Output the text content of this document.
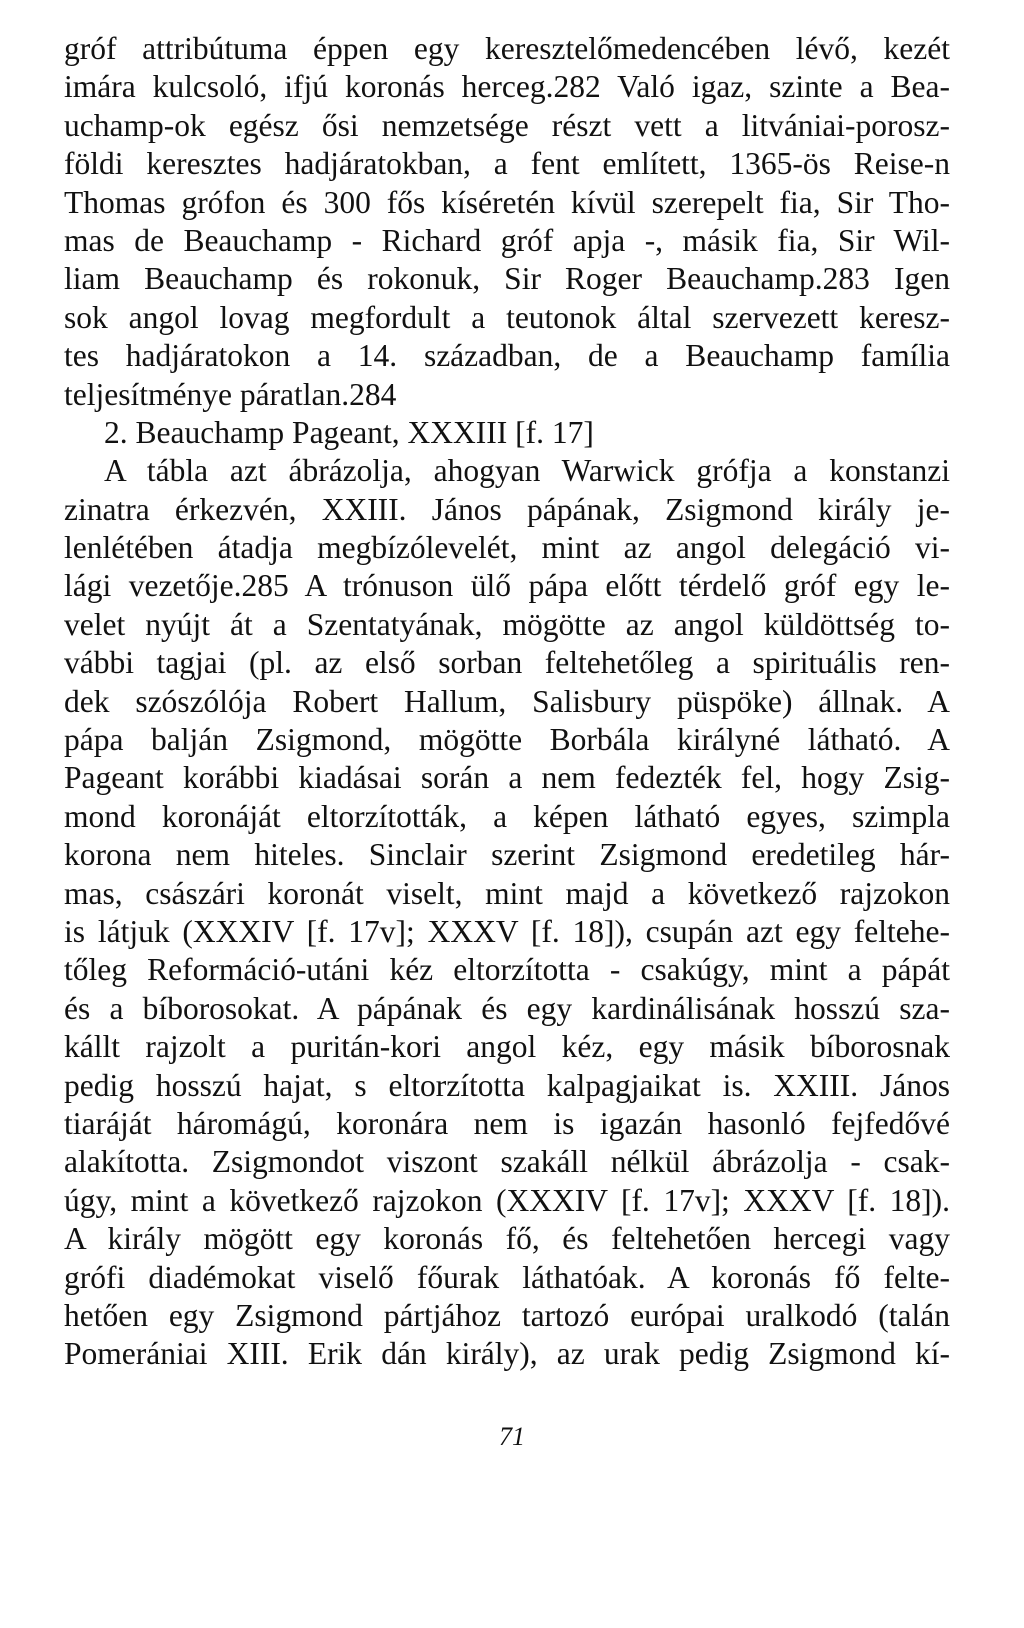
gróf attribútuma éppen egy keresztelőmedencében lévő, kezét
imára kulcsoló, ifjú koronás herceg.282 Való igaz, szinte a Bea-
uchamp-ok egész ősi nemzetsége részt vett a litvániai-porosz-
földi keresztes hadjáratokban, a fent említett, 1365-ös Reise-n
Thomas grófon és 300 fős kíséretén kívül szerepelt fia, Sir Tho-
mas de Beauchamp - Richard gróf apja -, másik fia, Sir Wil-
liam Beauchamp és rokonuk, Sir Roger Beauchamp.283 Igen
sok angol lovag megfordult a teutonok által szervezett keresz-
tes hadjáratokon a 14. században, de a Beauchamp família
teljesítménye páratlan.284
2. Beauchamp Pageant, XXXIII [f. 17]
A tábla azt ábrázolja, ahogyan Warwick grófja a konstanzi
zinatra érkezvén, XXIII. János pápának, Zsigmond király je-
lenlétében átadja megbízólevelét, mint az angol delegáció vi-
lági vezetője.285 A trónuson ülő pápa előtt térdelő gróf egy le-
velet nyújt át a Szentatyának, mögötte az angol küldöttség to-
vábbi tagjai (pl. az első sorban feltehetőleg a spirituális ren-
dek szószólója Robert Hallum, Salisbury püspöke) állnak. A
pápa balján Zsigmond, mögötte Borbála királyné látható. A
Pageant korábbi kiadásai során a nem fedezték fel, hogy Zsig-
mond koronáját eltorzították, a képen látható egyes, szimpla
korona nem hiteles. Sinclair szerint Zsigmond eredetileg hár-
mas, császári koronát viselt, mint majd a következő rajzokon
is látjuk (XXXIV [f. 17v]; XXXV [f. 18]), csupán azt egy feltehe-
tőleg Reformáció-utáni kéz eltorzította - csakúgy, mint a pápát
és a bíborosokat. A pápának és egy kardinálisának hosszú sza-
kállt rajzolt a puritán-kori angol kéz, egy másik bíborosnak
pedig hosszú hajat, s eltorzította kalpagjaikat is. XXIII. János
tiaráját háromágú, koronára nem is igazán hasonló fejfedővé
alakította. Zsigmondot viszont szakáll nélkül ábrázolja - csak-
úgy, mint a következő rajzokon (XXXIV [f. 17v]; XXXV [f. 18]).
A király mögött egy koronás fő, és feltehetően hercegi vagy
grófi diadémokat viselő főurak láthatóak. A koronás fő felte-
hetően egy Zsigmond pártjához tartozó európai uralkodó (talán
Pomerániai XIII. Erik dán király), az urak pedig Zsigmond kí-
71
